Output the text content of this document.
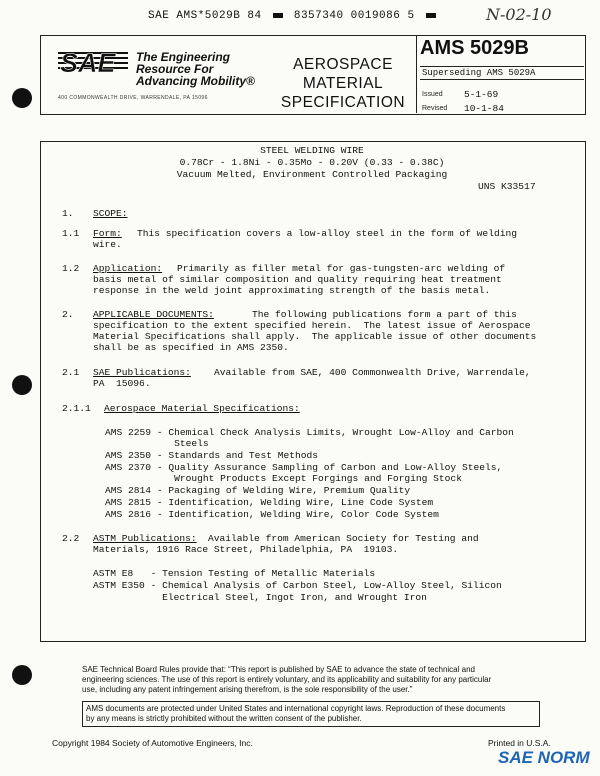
SAE AMS*5029B 84	8357340 0019086 5	N-02-10
SAE The Engineering
Resource For
Advancing Mobility®
400 COMMONWEALTH DRIVE, WARRENDALE, PA 15096
AEROSPACE
MATERIAL
SPECIFICATION
AMS 5029B
Superseding AMS 5029A
Issued 5-1-69
Revised 10-1-84
STEEL WELDING WIRE
0.78Cr - 1.8Ni - 0.35Mo - 0.20V (0.33 - 0.38C)
Vacuum Melted, Environment Controlled Packaging
UNS K33517
1. SCOPE:
1.1 Form: This specification covers a low-alloy steel in the form of welding
wire.
1.2 Application: Primarily as filler metal for gas-tungsten-arc welding of
basis metal of similar composition and quality requiring heat treatment
response in the weld joint approximating strength of the basis metal.
2. APPLICABLE DOCUMENTS:	The following publications form a part of this
specification to the extent specified herein.  The latest issue of Aerospace
Material Specifications shall apply.  The applicable issue of other documents
shall be as specified in AMS 2350.
2.1 SAE Publications: Available from SAE, 400 Commonwealth Drive, Warrendale,
PA  15096.
2.1.1 Aerospace Material Specifications:
AMS 2259 - Chemical Check Analysis Limits, Wrought Low-Alloy and Carbon
Steels
AMS 2350 - Standards and Test Methods
AMS 2370 - Quality Assurance Sampling of Carbon and Low-Alloy Steels,
Wrought Products Except Forgings and Forging Stock
AMS 2814 - Packaging of Welding Wire, Premium Quality
AMS 2815 - Identification, Welding Wire, Line Code System
AMS 2816 - Identification, Welding Wire, Color Code System
2.2 ASTM Publications: Available from American Society for Testing and
Materials, 1916 Race Street, Philadelphia, PA  19103.
ASTM E8   - Tension Testing of Metallic Materials
ASTM E350 - Chemical Analysis of Carbon Steel, Low-Alloy Steel, Silicon
Electrical Steel, Ingot Iron, and Wrought Iron
SAE Technical Board Rules provide that: “This report is published by SAE to advance the state of technical and
engineering sciences. The use of this report is entirely voluntary, and its applicability and suitability for any particular
use, including any patent infringement arising therefrom, is the sole responsibility of the user.”
AMS documents are protected under United States and international copyright laws. Reproduction of these documents
by any means is strictly prohibited without the written consent of the publisher.
Copyright 1984 Society of Automotive Engineers, Inc.	Printed in U.S.A.
SAE NORM
